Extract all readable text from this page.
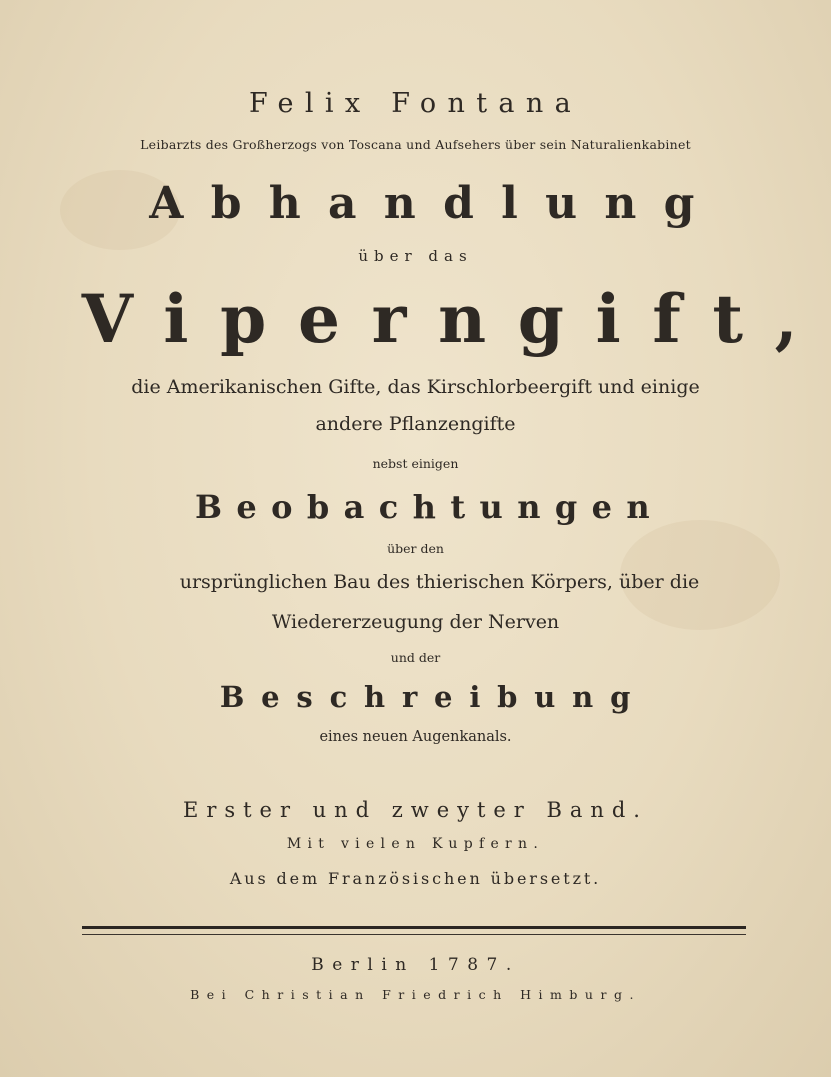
Felix Fontana
Leibarzts des Großherzogs von Toscana und Aufsehers über sein Naturalienkabinet
Abhandlung
über das
Viperngift,
die Amerikanischen Gifte, das Kirschlorbeergift und einige
andere Pflanzengifte
nebst einigen
Beobachtungen
über den
ursprünglichen Bau des thierischen Körpers, über die
Wiedererzeugung der Nerven
und der
Beschreibung
eines neuen Augenkanals.
Erster und zweyter Band.
Mit vielen Kupfern.
Aus dem Französischen übersetzt.
Berlin 1787.
Bei Christian Friedrich Himburg.
